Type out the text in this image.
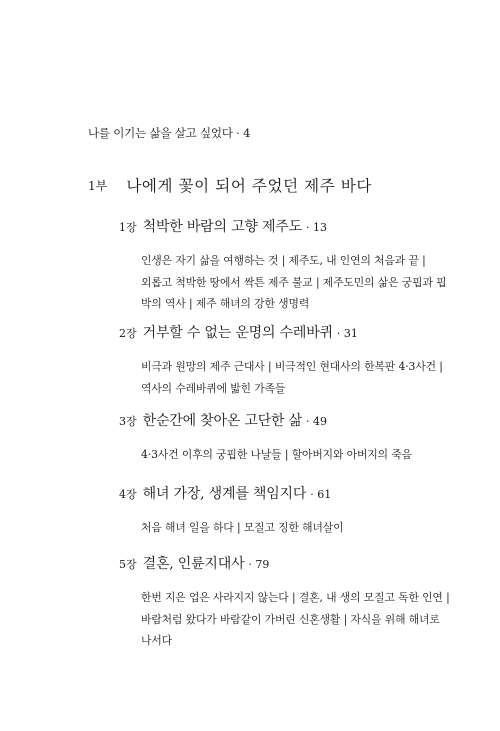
나를 이기는 삶을 살고 싶었다 · 4
1부 나에게 꽃이 되어 주었던 제주 바다
1장 척박한 바람의 고향 제주도 · 13
인생은 자기 삶을 여행하는 것 | 제주도, 내 인연의 처음과 끝 |
외롭고 척박한 땅에서 싹튼 제주 불교 | 제주도민의 삶은 궁핍과 핍
박의 역사 | 제주 해녀의 강한 생명력
2장 거부할 수 없는 운명의 수레바퀴 · 31
비극과 원망의 제주 근대사 | 비극적인 현대사의 한복판 4·3사건 |
역사의 수레바퀴에 밟힌 가족들
3장 한순간에 찾아온 고단한 삶 · 49
4·3사건 이후의 궁핍한 나날들 | 할아버지와 아버지의 죽음
4장 해녀 가장, 생계를 책임지다 · 61
처음 해녀 일을 하다 | 모질고 징한 해녀살이
5장 결혼, 인륜지대사 · 79
한번 지은 업은 사라지지 않는다 | 결혼, 내 생의 모질고 독한 인연 |
바람처럼 왔다가 바람같이 가버린 신혼생활 | 자식을 위해 해녀로
나서다
